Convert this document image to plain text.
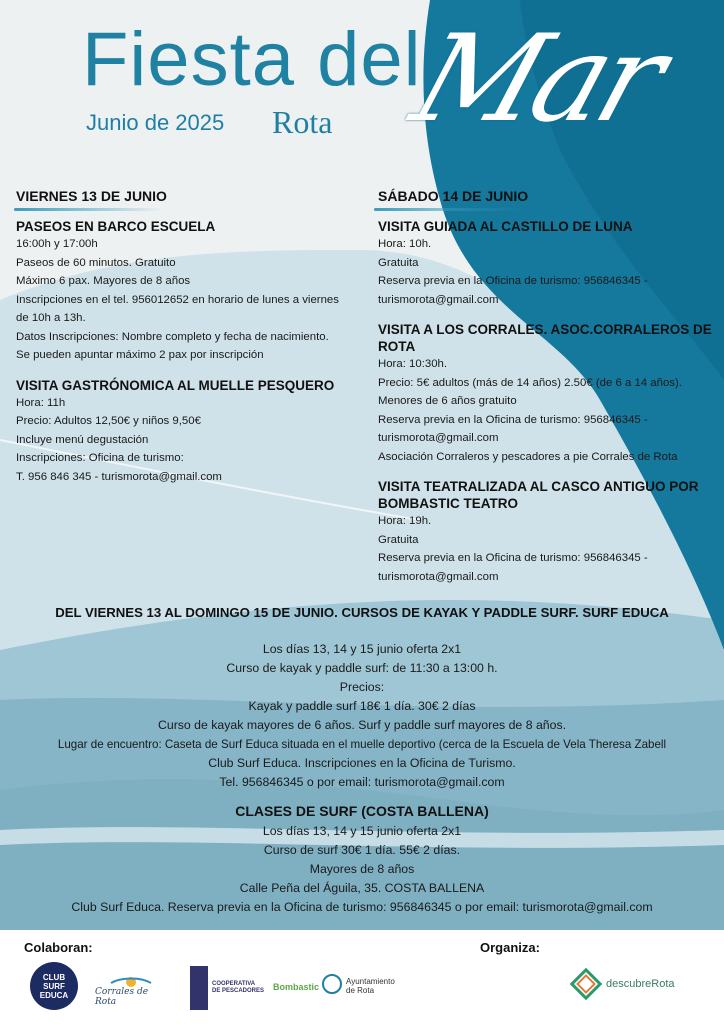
Fiesta del
Junio de 2025 Rota Mar
VIERNES 13 DE JUNIO	SÁBADO 14 DE JUNIO
PASEOS EN BARCO ESCUELA
16:00h y 17:00h
Paseos de 60 minutos. Gratuito
Máximo 6 pax. Mayores de 8 años
Inscripciones en el tel. 956012652 en horario de lunes a viernes
de 10h a 13h.
Datos Inscripciones: Nombre completo y fecha de nacimiento.
Se pueden apuntar máximo 2 pax por inscripción
VISITA GASTRÓNOMICA AL MUELLE PESQUERO
Hora: 11h
Precio: Adultos 12,50€ y niños 9,50€
Incluye menú degustación
Inscripciones: Oficina de turismo:
T. 956 846 345 - turismorota@gmail.com
VISITA GUIADA AL CASTILLO DE LUNA
Hora: 10h.
Gratuita
Reserva previa en la Oficina de turismo: 956846345 -
turismorota@gmail.com
VISITA A LOS CORRALES. ASOC.CORRALEROS DE ROTA
Hora: 10:30h.
Precio: 5€ adultos (más de 14 años) 2.50€ (de 6 a 14 años).
Menores de 6 años gratuito
Reserva previa en la Oficina de turismo: 956846345 -
turismorota@gmail.com
Asociación Corraleros y pescadores a pie Corrales de Rota
VISITA TEATRALIZADA AL CASCO ANTIGUO POR BOMBASTIC TEATRO
Hora: 19h.
Gratuita
Reserva previa en la Oficina de turismo: 956846345 -
turismorota@gmail.com
DEL VIERNES 13 AL DOMINGO 15 DE JUNIO. CURSOS DE KAYAK Y PADDLE SURF. SURF EDUCA
Los días 13, 14 y 15 junio oferta 2x1
Curso de kayak y paddle surf: de 11:30 a 13:00 h.
Precios:
Kayak y paddle surf 18€ 1 día. 30€ 2 días
Curso de kayak mayores de 6 años. Surf y paddle surf mayores de 8 años.
Lugar de encuentro: Caseta de Surf Educa situada en el muelle deportivo (cerca de la Escuela de Vela Theresa Zabell
Club Surf Educa. Inscripciones en la Oficina de Turismo.
Tel. 956846345 o por email: turismorota@gmail.com
CLASES DE SURF (COSTA BALLENA)
Los días 13, 14 y 15 junio oferta 2x1
Curso de surf 30€ 1 día. 55€ 2 días.
Mayores de 8 años
Calle Peña del Águila, 35. COSTA BALLENA
Club Surf Educa. Reserva previa en la Oficina de turismo: 956846345 o por email: turismorota@gmail.com
Colaboran:	Organiza:
CLUB SURF EDUCA	Corrales de Rota
COOPERATIVA DE PESCADORES Bombastic
Ayuntamiento
de Rota
descubreRota
